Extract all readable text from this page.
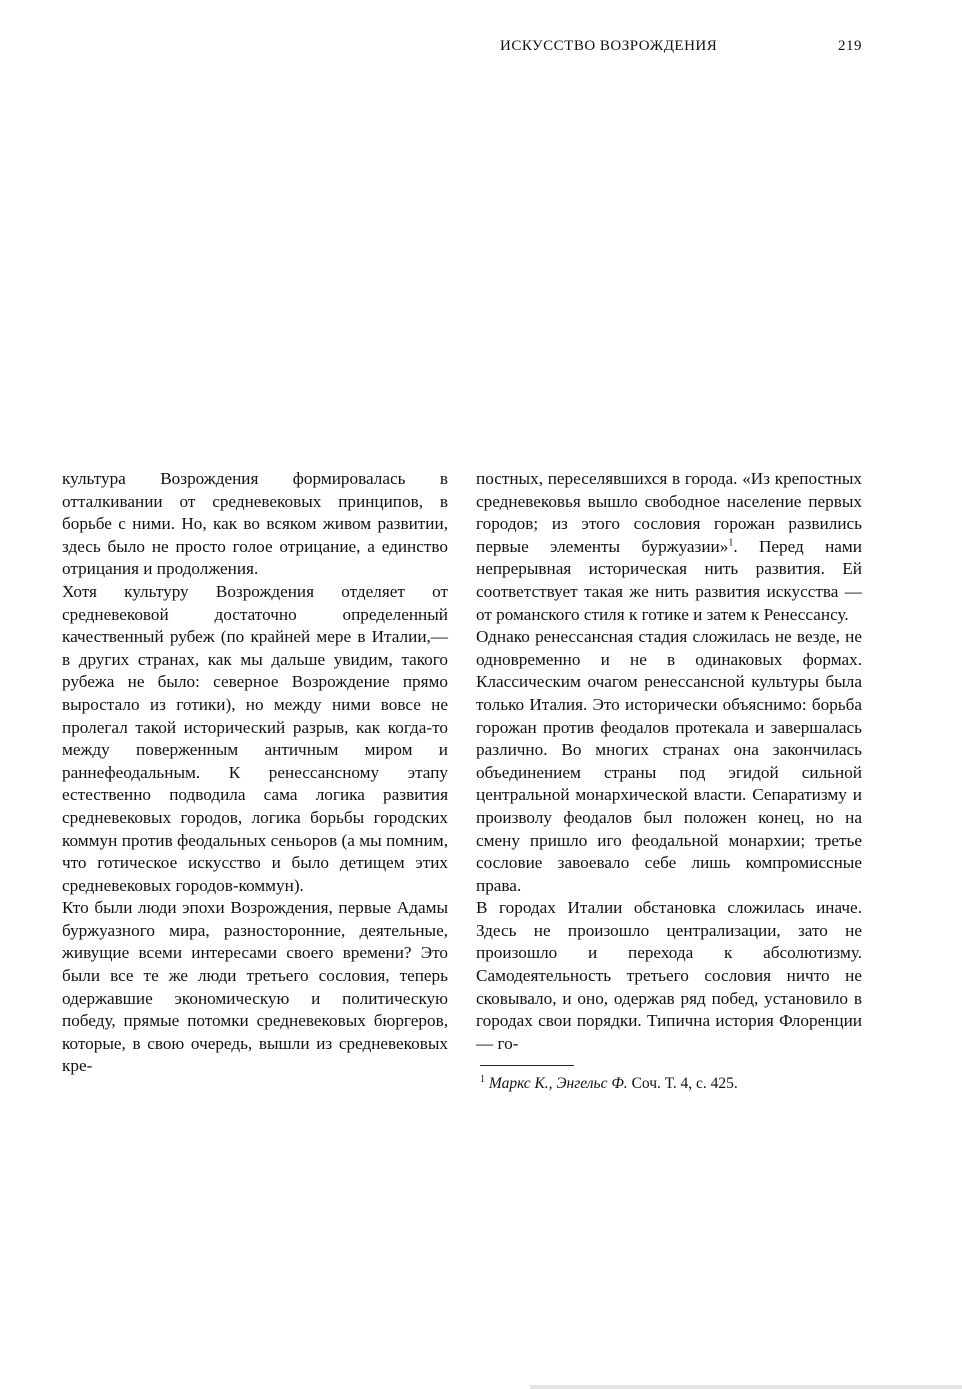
ИСКУССТВО ВОЗРОЖДЕНИЯ	219

культура Возрождения формировалась в отталкивании от средневековых принципов, в борьбе с ними. Но, как во всяком живом развитии, здесь было не просто голое отрицание, а единство отрицания и продолжения.

Хотя культуру Возрождения отделяет от средневековой достаточно определенный качественный рубеж (по крайней мере в Италии,— в других странах, как мы дальше увидим, такого рубежа не было: северное Возрождение прямо выростало из готики), но между ними вовсе не пролегал такой исторический разрыв, как когда-то между поверженным античным миром и раннефеодальным. К ренессансному этапу естественно подводила сама логика развития средневековых городов, логика борьбы городских коммун против феодальных сеньоров (а мы помним, что готическое искусство и было детищем этих средневековых городов-коммун).

Кто были люди эпохи Возрождения, первые Адамы буржуазного мира, разносторонние, деятельные, живущие всеми интересами своего времени? Это были все те же люди третьего сословия, теперь одержавшие экономическую и политическую победу, прямые потомки средневековых бюргеров, которые, в свою очередь, вышли из средневековых кре-

постных, переселявшихся в города. «Из крепостных средневековья вышло свободное население первых городов; из этого сословия горожан развились первые элементы буржуазии»$^1$. Перед нами непрерывная историческая нить развития. Ей соответствует такая же нить развития искусства — от романского стиля к готике и затем к Ренессансу.

Однако ренессансная стадия сложилась не везде, не одновременно и не в одинаковых формах. Классическим очагом ренессансной культуры была только Италия. Это исторически объяснимо: борьба горожан против феодалов протекала и завершалась различно. Во многих странах она закончилась объединением страны под эгидой сильной центральной монархической власти. Сепаратизму и произволу феодалов был положен конец, но на смену пришло иго феодальной монархии; третье сословие завоевало себе лишь компромиссные права.

В городах Италии обстановка сложилась иначе. Здесь не произошло централизации, зато не произошло и перехода к абсолютизму. Самодеятельность третьего сословия ничто не сковывало, и оно, одержав ряд побед, установило в городах свои порядки. Типична история Флоренции — го-

$^1$ Маркс К., Энгельс Ф. Соч. Т. 4, с. 425.
